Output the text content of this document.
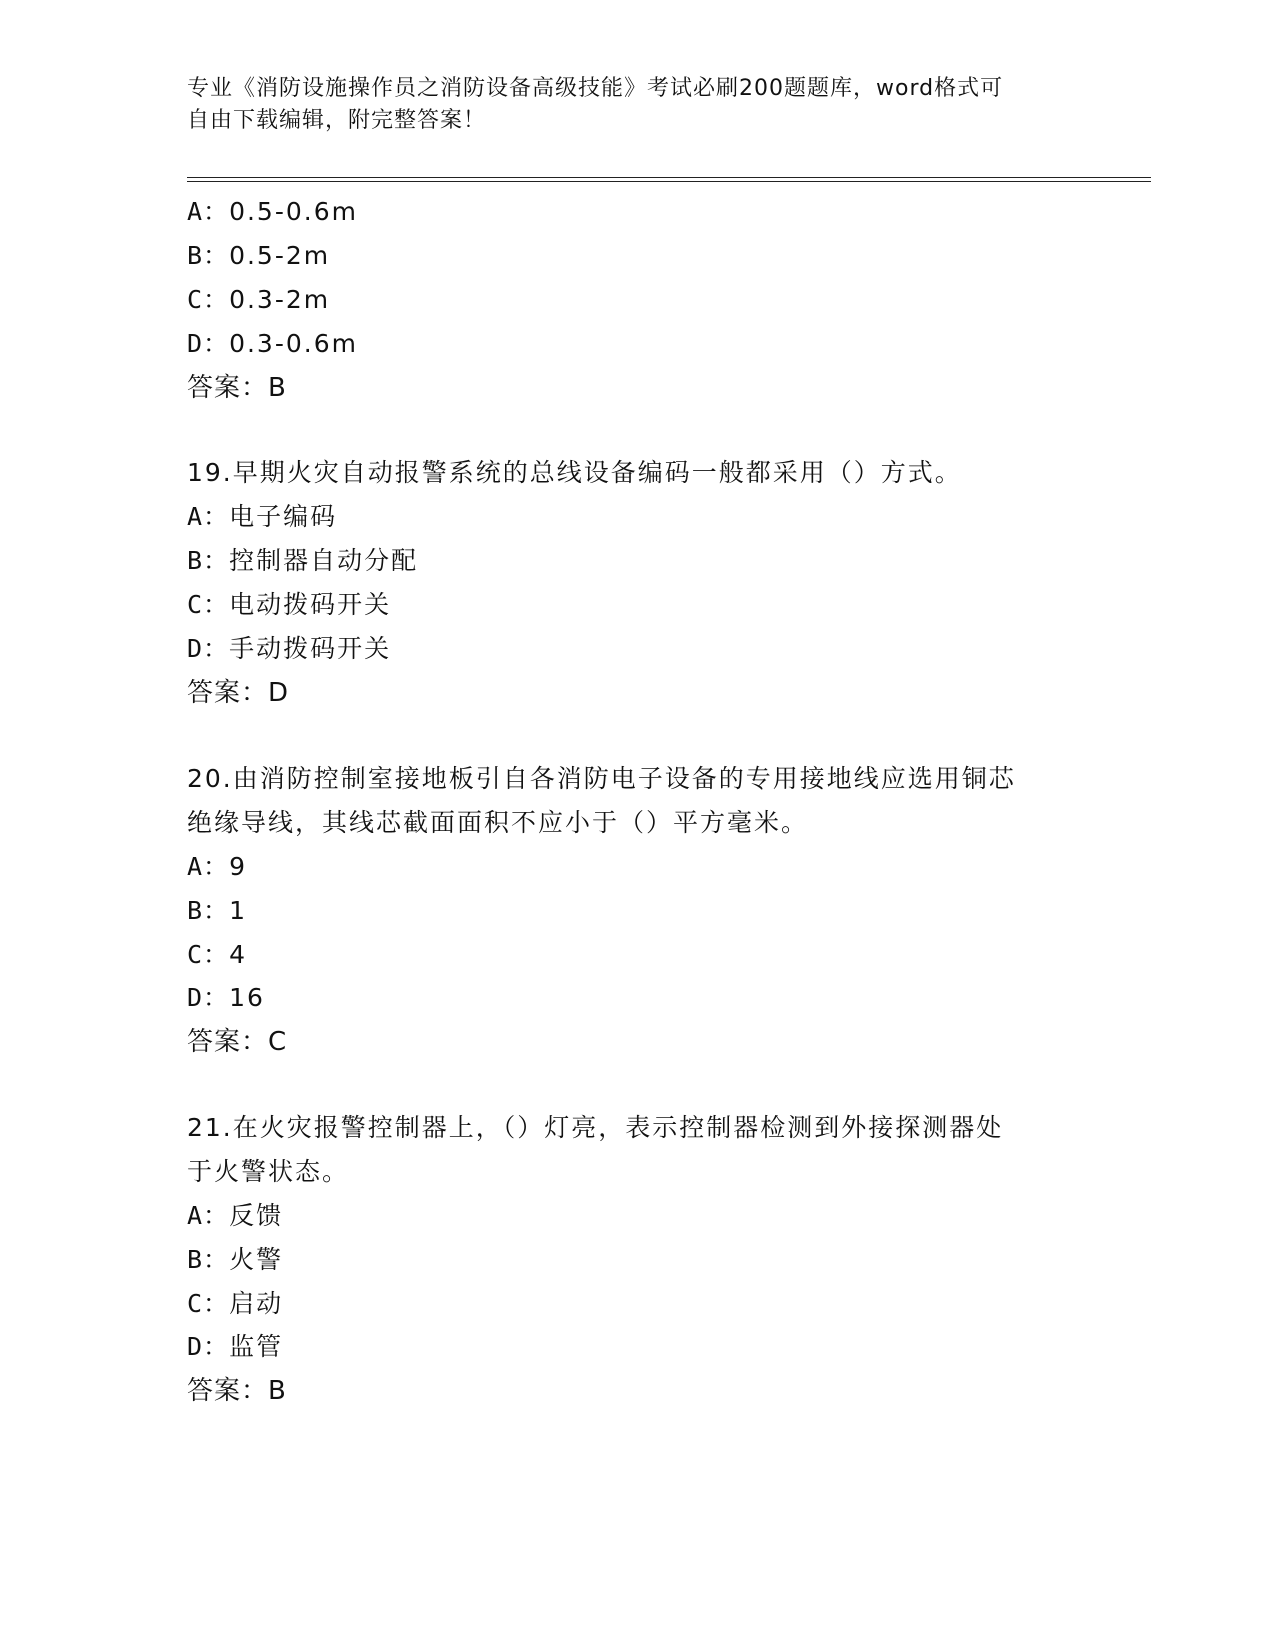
专业《消防设施操作员之消防设备高级技能》考试必刷200题题库，word格式可
自由下载编辑，附完整答案！
A：0.5-0.6m
B：0.5-2m
C：0.3-2m
D：0.3-0.6m
答案：B
19.早期火灾自动报警系统的总线设备编码一般都采用（）方式。
A：电子编码
B：控制器自动分配
C：电动拨码开关
D：手动拨码开关
答案：D
20.由消防控制室接地板引自各消防电子设备的专用接地线应选用铜芯
绝缘导线，其线芯截面面积不应小于（）平方毫米。
A：9
B：1
C：4
D：16
答案：C
21.在火灾报警控制器上，（）灯亮，表示控制器检测到外接探测器处
于火警状态。
A：反馈
B：火警
C：启动
D：监管
答案：B
